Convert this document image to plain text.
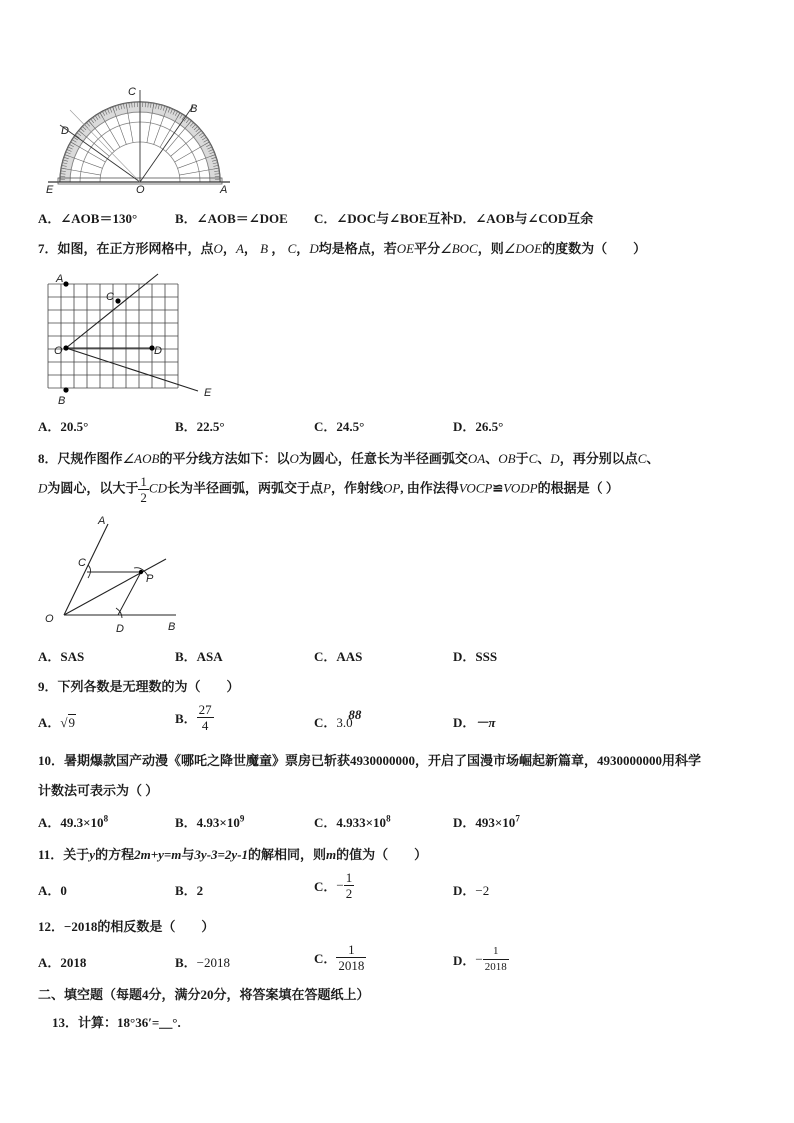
C
B
D
E	O	A
A．∠AOB＝130°	B．∠AOB＝∠DOE C．∠DOC与∠BOE互补 D．∠AOB与∠COD互余
7．如图，在正方形网格中，点O，A， B ， C，D均是格点，若OE平分∠BOC，则∠DOE的度数为（　　）
A
C
O	D
E
B
A．20.5°	B．22.5°	C．24.5°	D．26.5°
8．尺规作图作∠AOB的平分线方法如下：以O为圆心，任意长为半径画弧交OA、OB于C、D，再分别以点C、
D为圆心，以大于 $\frac{1}{2}$ CD长为半径画弧，两弧交于点P，作射线OP, 由作法得VOCP≌VODP的根据是（ ）
A
C
P
O
D	B
A．SAS	B．ASA	C．AAS	D．SSS
9．下列各数是无理数的为（　　）
A．√9	B． $\frac{27}{4}$	C．3.0
88
D．－π
10．暑期爆款国产动漫《哪吒之降世魔童》票房已斩获4930000000，开启了国漫市场崛起新篇章，4930000000用科学
计数法可表示为（ ）
A．$49.3\times 10^8$	B．$4.93\times 10^9$	C．$4.933\times 10^8$	D．$493\times 10^7$
11．关于y的方程2m+y=m与3y-3=2y-1的解相同，则m的值为（　　）
A．0	B．2	C．− $\frac{1}{2}$	D．−2
12．−2018的相反数是（　　）
A．2018	B．−2018	C． $\frac{1}{2018}$	D．− $\frac{1}{2018}$
二、填空题（每题4分，满分20分，将答案填在答题纸上）
13．计算：18°36′=＿°.
